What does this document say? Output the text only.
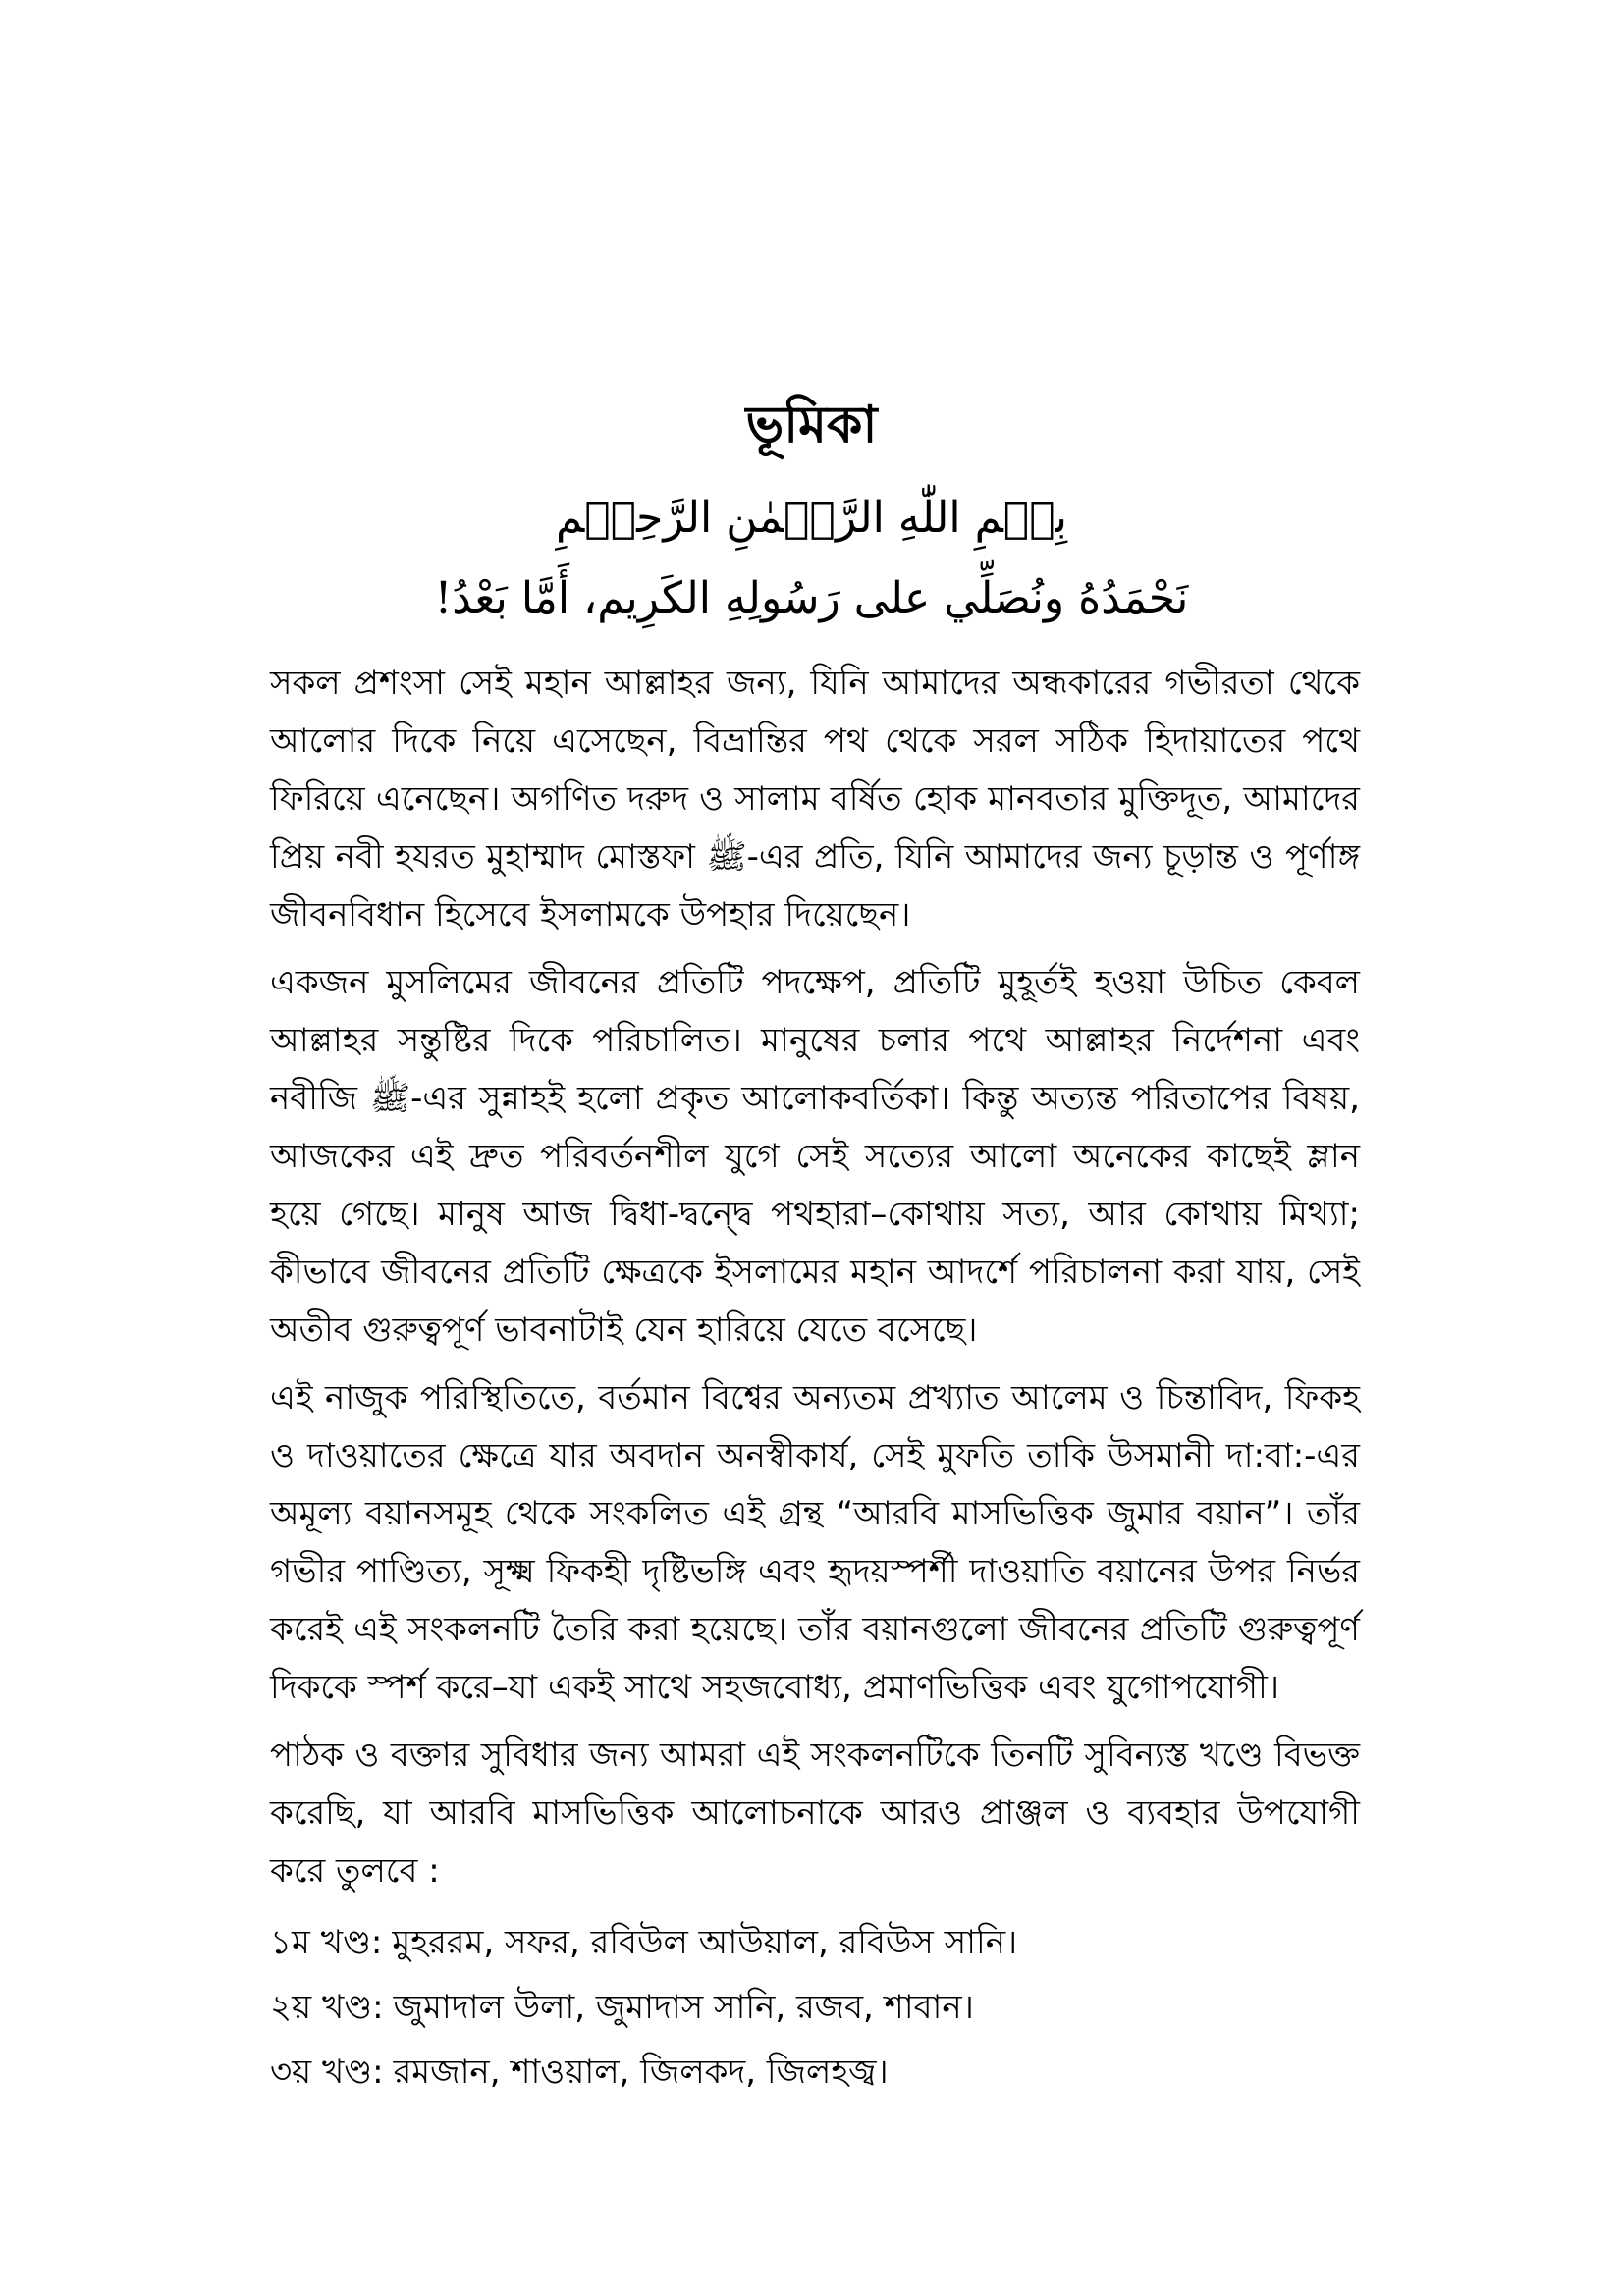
ভূমিকা
بِسۡمِ اللّٰهِ الرَّحۡمٰنِ الرَّحِیۡمِ
نَحْمَدُهُ ونُصَلِّي على رَسُولِهِ الكَرِيم، أَمَّا بَعْدُ!

সকল প্রশংসা সেই মহান আল্লাহর জন্য, যিনি আমাদের অন্ধকারের গভীরতা থেকে আলোর দিকে নিয়ে এসেছেন, বিভ্রান্তির পথ থেকে সরল সঠিক হিদায়াতের পথে ফিরিয়ে এনেছেন। অগণিত দরুদ ও সালাম বর্ষিত হোক মানবতার মুক্তিদূত, আমাদের প্রিয় নবী হযরত মুহাম্মাদ মোস্তফা ﷺ-এর প্রতি, যিনি আমাদের জন্য চূড়ান্ত ও পূর্ণাঙ্গ জীবনবিধান হিসেবে ইসলামকে উপহার দিয়েছেন।

একজন মুসলিমের জীবনের প্রতিটি পদক্ষেপ, প্রতিটি মুহূর্তই হওয়া উচিত কেবল আল্লাহর সন্তুষ্টির দিকে পরিচালিত। মানুষের চলার পথে আল্লাহর নির্দেশনা এবং নবীজি ﷺ-এর সুন্নাহই হলো প্রকৃত আলোকবর্তিকা। কিন্তু অত্যন্ত পরিতাপের বিষয়, আজকের এই দ্রুত পরিবর্তনশীল যুগে সেই সত্যের আলো অনেকের কাছেই ম্লান হয়ে গেছে। মানুষ আজ দ্বিধা-দ্বন্দ্বে পথহারা–কোথায় সত্য, আর কোথায় মিথ্যা; কীভাবে জীবনের প্রতিটি ক্ষেত্রকে ইসলামের মহান আদর্শে পরিচালনা করা যায়, সেই অতীব গুরুত্বপূর্ণ ভাবনাটাই যেন হারিয়ে যেতে বসেছে।

এই নাজুক পরিস্থিতিতে, বর্তমান বিশ্বের অন্যতম প্রখ্যাত আলেম ও চিন্তাবিদ, ফিকহ ও দাওয়াতের ক্ষেত্রে যার অবদান অনস্বীকার্য, সেই মুফতি তাকি উসমানী দা:বা:-এর অমূল্য বয়ানসমূহ থেকে সংকলিত এই গ্রন্থ “আরবি মাসভিত্তিক জুমার বয়ান”। তাঁর গভীর পাণ্ডিত্য, সূক্ষ্ম ফিকহী দৃষ্টিভঙ্গি এবং হৃদয়স্পর্শী দাওয়াতি বয়ানের উপর নির্ভর করেই এই সংকলনটি তৈরি করা হয়েছে। তাঁর বয়ানগুলো জীবনের প্রতিটি গুরুত্বপূর্ণ দিককে স্পর্শ করে–যা একই সাথে সহজবোধ্য, প্রমাণভিত্তিক এবং যুগোপযোগী।

পাঠক ও বক্তার সুবিধার জন্য আমরা এই সংকলনটিকে তিনটি সুবিন্যস্ত খণ্ডে বিভক্ত করেছি, যা আরবি মাসভিত্তিক আলোচনাকে আরও প্রাঞ্জল ও ব্যবহার উপযোগী করে তুলবে :

১ম খণ্ড: মুহররম, সফর, রবিউল আউয়াল, রবিউস সানি।

২য় খণ্ড: জুমাদাল উলা, জুমাদাস সানি, রজব, শাবান।

৩য় খণ্ড: রমজান, শাওয়াল, জিলকদ, জিলহজ্ব।
